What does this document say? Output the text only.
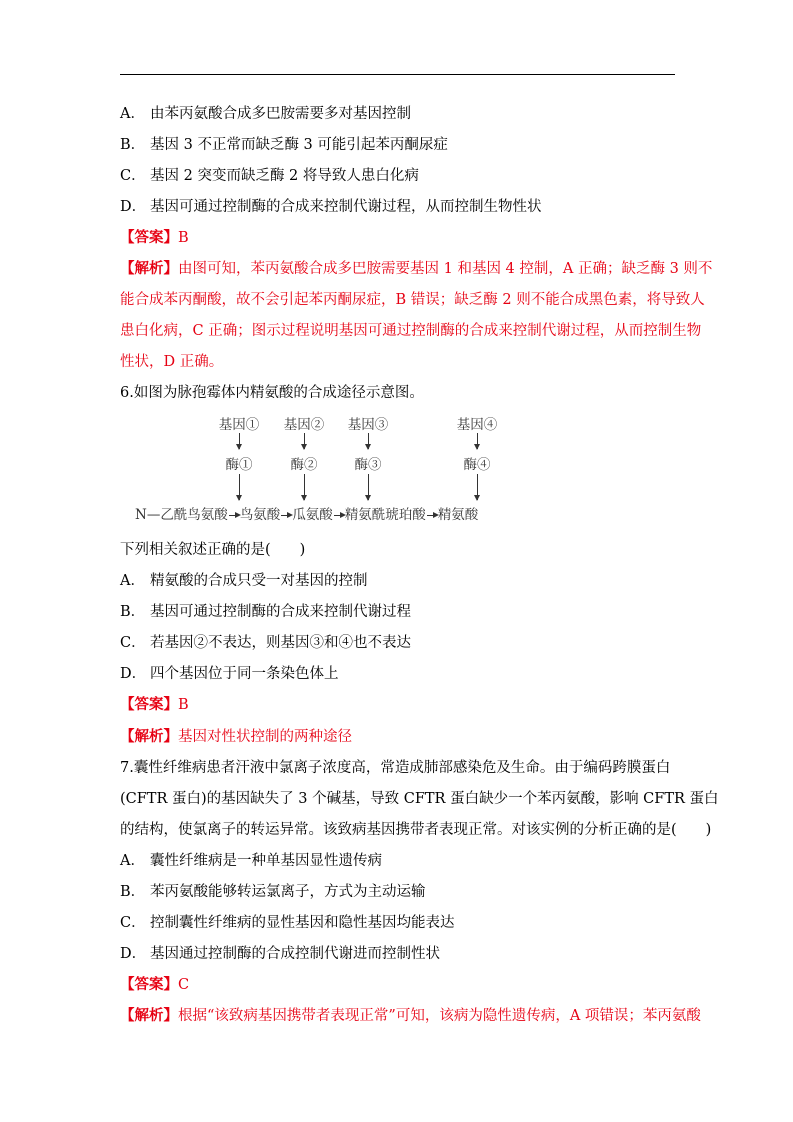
A． 由苯丙氨酸合成多巴胺需要多对基因控制
B． 基因 3 不正常而缺乏酶 3 可能引起苯丙酮尿症
C． 基因 2 突变而缺乏酶 2 将导致人患白化病
D． 基因可通过控制酶的合成来控制代谢过程，从而控制生物性状
【答案】B
【解析】由图可知，苯丙氨酸合成多巴胺需要基因 1 和基因 4 控制，A 正确；缺乏酶 3 则不
能合成苯丙酮酸，故不会引起苯丙酮尿症，B 错误；缺乏酶 2 则不能合成黑色素，将导致人
患白化病，C 正确；图示过程说明基因可通过控制酶的合成来控制代谢过程，从而控制生物
性状，D 正确。
6.如图为脉孢霉体内精氨酸的合成途径示意图。
基因① 基因② 基因③	基因④
酶①	酶②	酶③	酶④
N—乙酰鸟氨酸 鸟氨酸 瓜氨酸 精氨酰琥珀酸 精氨酸
下列相关叙述正确的是(　　)
A． 精氨酸的合成只受一对基因的控制
B． 基因可通过控制酶的合成来控制代谢过程
C． 若基因②不表达，则基因③和④也不表达
D． 四个基因位于同一条染色体上
【答案】B
【解析】基因对性状控制的两种途径
7.囊性纤维病患者汗液中氯离子浓度高，常造成肺部感染危及生命。由于编码跨膜蛋白
(CFTR 蛋白)的基因缺失了 3 个碱基，导致 CFTR 蛋白缺少一个苯丙氨酸，影响 CFTR 蛋白
的结构，使氯离子的转运异常。该致病基因携带者表现正常。对该实例的分析正确的是(　　)
A． 囊性纤维病是一种单基因显性遗传病
B． 苯丙氨酸能够转运氯离子，方式为主动运输
C． 控制囊性纤维病的显性基因和隐性基因均能表达
D． 基因通过控制酶的合成控制代谢进而控制性状
【答案】C
【解析】根据“该致病基因携带者表现正常”可知，该病为隐性遗传病，A 项错误；苯丙氨酸
